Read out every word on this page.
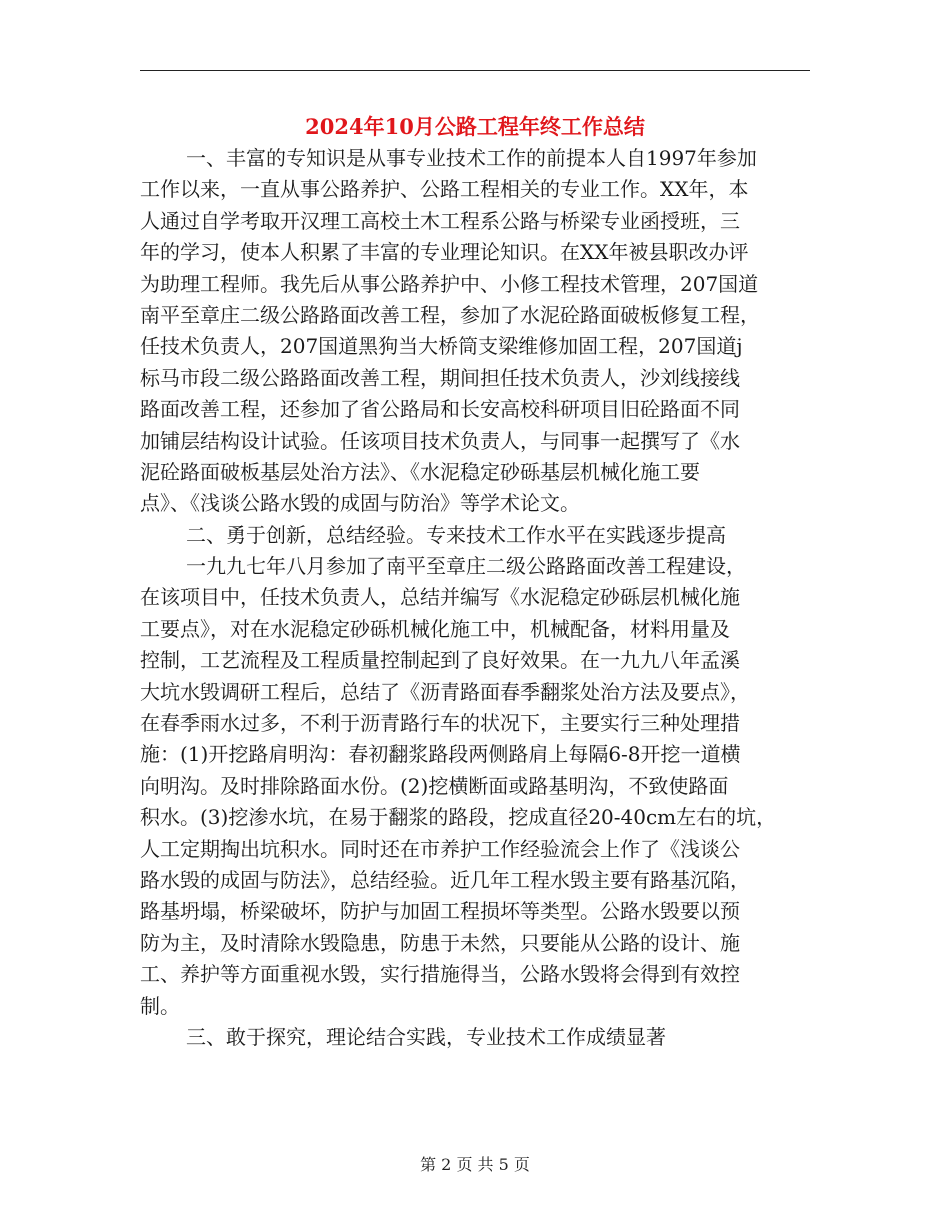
2024年10月公路工程年终工作总结
一、丰富的专知识是从事专业技术工作的前提本人自1997年参加
工作以来，一直从事公路养护、公路工程相关的专业工作。XX年，本
人通过自学考取开汉理工高校土木工程系公路与桥梁专业函授班，三
年的学习，使本人积累了丰富的专业理论知识。在XX年被县职改办评
为助理工程师。我先后从事公路养护中、小修工程技术管理，207国道
南平至章庄二级公路路面改善工程，参加了水泥砼路面破板修复工程，
任技术负责人，207国道黑狗当大桥筒支梁维修加固工程，207国道j
标马市段二级公路路面改善工程，期间担任技术负责人，沙刘线接线
路面改善工程，还参加了省公路局和长安高校科研项目旧砼路面不同
加铺层结构设计试验。任该项目技术负责人，与同事一起撰写了《水
泥砼路面破板基层处治方法》、《水泥稳定砂砾基层机械化施工要
点》、《浅谈公路水毁的成固与防治》等学术论文。
二、勇于创新，总结经验。专来技术工作水平在实践逐步提高
一九九七年八月参加了南平至章庄二级公路路面改善工程建设，
在该项目中，任技术负责人，总结并编写《水泥稳定砂砾层机械化施
工要点》，对在水泥稳定砂砾机械化施工中，机械配备，材料用量及
控制，工艺流程及工程质量控制起到了良好效果。在一九九八年孟溪
大坑水毁调研工程后，总结了《沥青路面春季翻浆处治方法及要点》，
在春季雨水过多，不利于沥青路行车的状况下，主要实行三种处理措
施：(1)开挖路肩明沟：春初翻浆路段两侧路肩上每隔6-8开挖一道横
向明沟。及时排除路面水份。(2)挖横断面或路基明沟，不致使路面
积水。(3)挖渗水坑，在易于翻浆的路段，挖成直径20-40cm左右的坑，
人工定期掏出坑积水。同时还在市养护工作经验流会上作了《浅谈公
路水毁的成固与防法》，总结经验。近几年工程水毁主要有路基沉陷，
路基坍塌，桥梁破坏，防护与加固工程损坏等类型。公路水毁要以预
防为主，及时清除水毁隐患，防患于未然，只要能从公路的设计、施
工、养护等方面重视水毁，实行措施得当，公路水毁将会得到有效控
制。
三、敢于探究，理论结合实践，专业技术工作成绩显著
第 2 页 共 5 页
